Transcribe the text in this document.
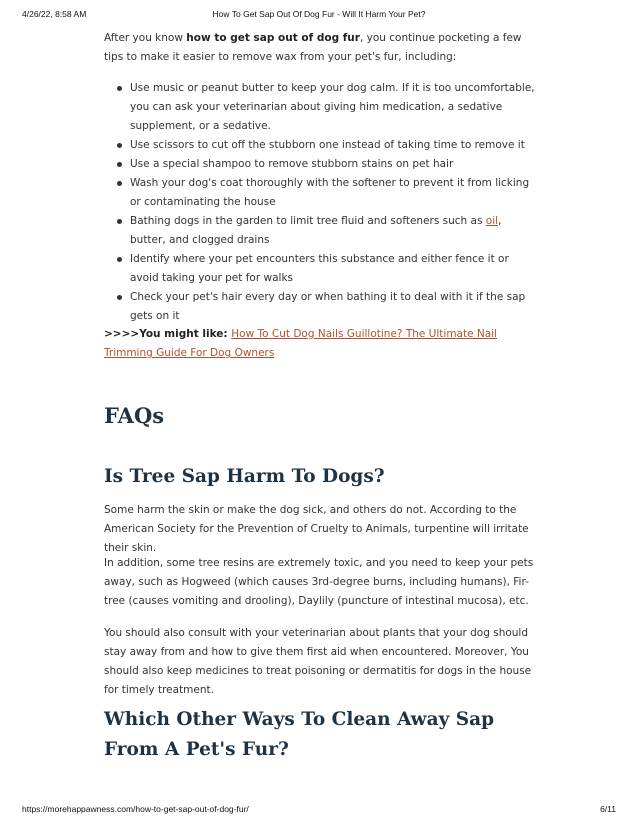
4/26/22, 8:58 AM	How To Get Sap Out Of Dog Fur - Will It Harm Your Pet?

After you know how to get sap out of dog fur, you continue pocketing a few tips to make it easier to remove wax from your pet's fur, including:

Use music or peanut butter to keep your dog calm. If it is too uncomfortable, you can ask your veterinarian about giving him medication, a sedative supplement, or a sedative.
Use scissors to cut off the stubborn one instead of taking time to remove it
Use a special shampoo to remove stubborn stains on pet hair
Wash your dog's coat thoroughly with the softener to prevent it from licking or contaminating the house
Bathing dogs in the garden to limit tree fluid and softeners such as oil, butter, and clogged drains
Identify where your pet encounters this substance and either fence it or avoid taking your pet for walks
Check your pet's hair every day or when bathing it to deal with it if the sap gets on it

>>>>You might like: How To Cut Dog Nails Guillotine? The Ultimate Nail Trimming Guide For Dog Owners

FAQs
Is Tree Sap Harm To Dogs?

Some harm the skin or make the dog sick, and others do not. According to the American Society for the Prevention of Cruelty to Animals, turpentine will irritate their skin.

In addition, some tree resins are extremely toxic, and you need to keep your pets away, such as Hogweed (which causes 3rd-degree burns, including humans), Fir-tree (causes vomiting and drooling), Daylily (puncture of intestinal mucosa), etc.

You should also consult with your veterinarian about plants that your dog should stay away from and how to give them first aid when encountered. Moreover, You should also keep medicines to treat poisoning or dermatitis for dogs in the house for timely treatment.

Which Other Ways To Clean Away Sap From A Pet's Fur?
https://morehappawness.com/how-to-get-sap-out-of-dog-fur/	6/11
